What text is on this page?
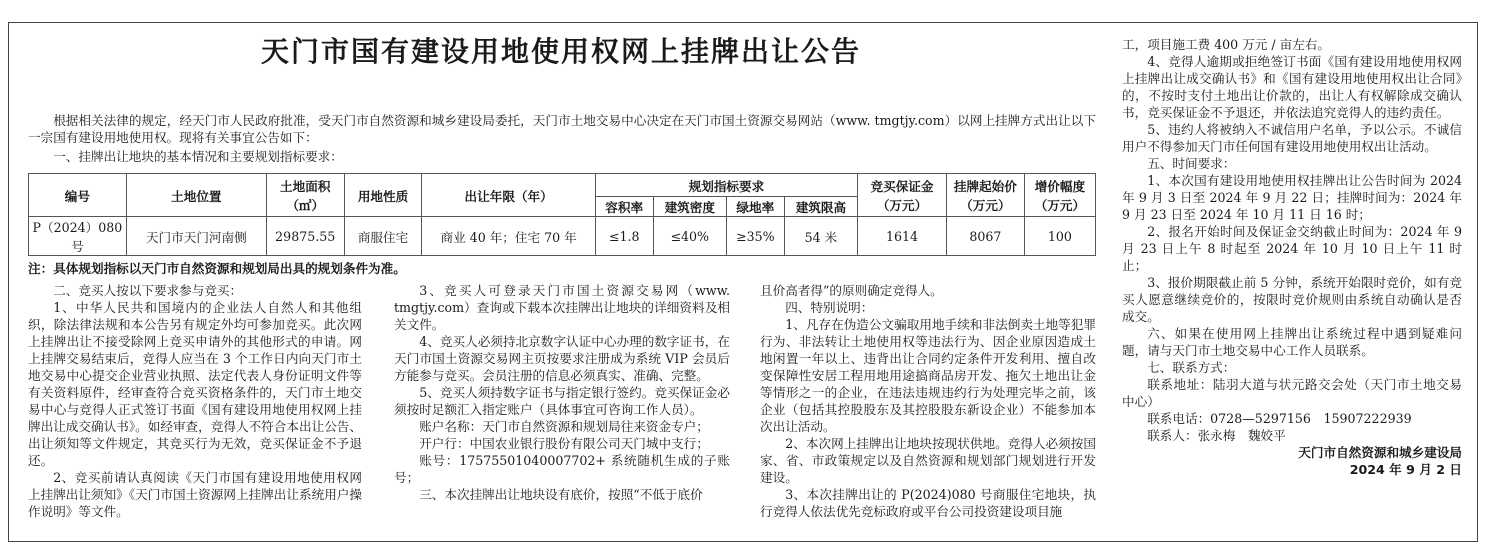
天门市国有建设用地使用权网上挂牌出让公告
根据相关法律的规定，经天门市人民政府批准，受天门市自然资源和城乡建设局委托，天门市土地交易中心决定在天门市国土资源交易网站（www. tmgtjy.com）以网上挂牌方式出让以下一宗国有建设用地使用权。现将有关事宜公告如下：
一、挂牌出让地块的基本情况和主要规划指标要求：
编号	土地位置	土地面积（㎡）	用地性质	出让年限（年）	规划指标要求				竞买保证金（万元）	挂牌起始价（万元）	增价幅度（万元）
					容积率	建筑密度	绿地率	建筑限高			
P（2024）080 号	天门市天门河南侧	29875.55	商服住宅	商业 40 年；住宅 70 年	≤1.8	≤40%	≥35%	54 米	1614	8067	100
注：具体规划指标以天门市自然资源和规划局出具的规划条件为准。

二、竞买人按以下要求参与竞买：

1、中华人民共和国境内的企业法人自然人和其他组织，除法律法规和本公告另有规定外均可参加竞买。此次网上挂牌出让不接受除网上竞买申请外的其他形式的申请。网上挂牌交易结束后，竞得人应当在 3 个工作日内向天门市土地交易中心提交企业营业执照、法定代表人身份证明文件等有关资料原件，经审查符合竞买资格条件的，天门市土地交易中心与竞得人正式签订书面《国有建设用地使用权网上挂牌出让成交确认书》。如经审查，竞得人不符合本出让公告、出让须知等文件规定，其竞买行为无效，竞买保证金不予退还。

2、竞买前请认真阅读《天门市国有建设用地使用权网上挂牌出让须知》《天门市国土资源网上挂牌出让系统用户操作说明》等文件。

3、竞买人可登录天门市国土资源交易网（www. tmgtjy.com）查询或下载本次挂牌出让地块的详细资料及相关文件。

4、竞买人必须持北京数字认证中心办理的数字证书，在天门市国土资源交易网主页按要求注册成为系统 VIP 会员后方能参与竞买。会员注册的信息必须真实、准确、完整。

5、竞买人须持数字证书与指定银行签约。竞买保证金必须按时足额汇入指定账户（具体事宜可咨询工作人员）。

账户名称：天门市自然资源和规划局往来资金专户；

开户行：中国农业银行股份有限公司天门城中支行；

账号：17575501040007702+ 系统随机生成的子账号；

三、本次挂牌出让地块设有底价，按照“不低于底价

且价高者得”的原则确定竞得人。

四、特别说明：

1、凡存在伪造公文骗取用地手续和非法倒卖土地等犯罪行为、非法转让土地使用权等违法行为、因企业原因造成土地闲置一年以上、违背出让合同约定条件开发利用、擅自改变保障性安居工程用地用途搞商品房开发、拖欠土地出让金等情形之一的企业，在违法违规违约行为处理完毕之前，该企业（包括其控股股东及其控股股东新设企业）不能参加本次出让活动。

2、本次网上挂牌出让地块按现状供地。竞得人必须按国家、省、市政策规定以及自然资源和规划部门规划进行开发建设。

3、本次挂牌出让的 P(2024)080 号商服住宅地块，执行竞得人依法优先竞标政府或平台公司投资建设项目施

工，项目施工费 400 万元 / 亩左右。

4、竞得人逾期或拒绝签订书面《国有建设用地使用权网上挂牌出让成交确认书》和《国有建设用地使用权出让合同》的，不按时支付土地出让价款的，出让人有权解除成交确认书，竞买保证金不予退还，并依法追究竞得人的违约责任。

5、违约人将被纳入不诚信用户名单，予以公示。不诚信用户不得参加天门市任何国有建设用地使用权出让活动。

五、时间要求：

1、本次国有建设用地使用权挂牌出让公告时间为 2024 年 9 月 3 日至 2024 年 9 月 22 日；挂牌时间为：2024 年 9 月 23 日至 2024 年 10 月 11 日 16 时；

2、报名开始时间及保证金交纳截止时间为：2024 年 9 月 23 日上午 8 时起至 2024 年 10 月 10 日上午 11 时止；

3、报价期限截止前 5 分钟，系统开始限时竞价，如有竞买人愿意继续竞价的，按限时竞价规则由系统自动确认是否成交。

六、如果在使用网上挂牌出让系统过程中遇到疑难问题，请与天门市土地交易中心工作人员联系。

七、联系方式：

联系地址：陆羽大道与状元路交会处（天门市土地交易中心）

联系电话：0728—5297156　15907222939

联系人：张永梅　魏姣平

天门市自然资源和城乡建设局

2024 年 9 月 2 日
